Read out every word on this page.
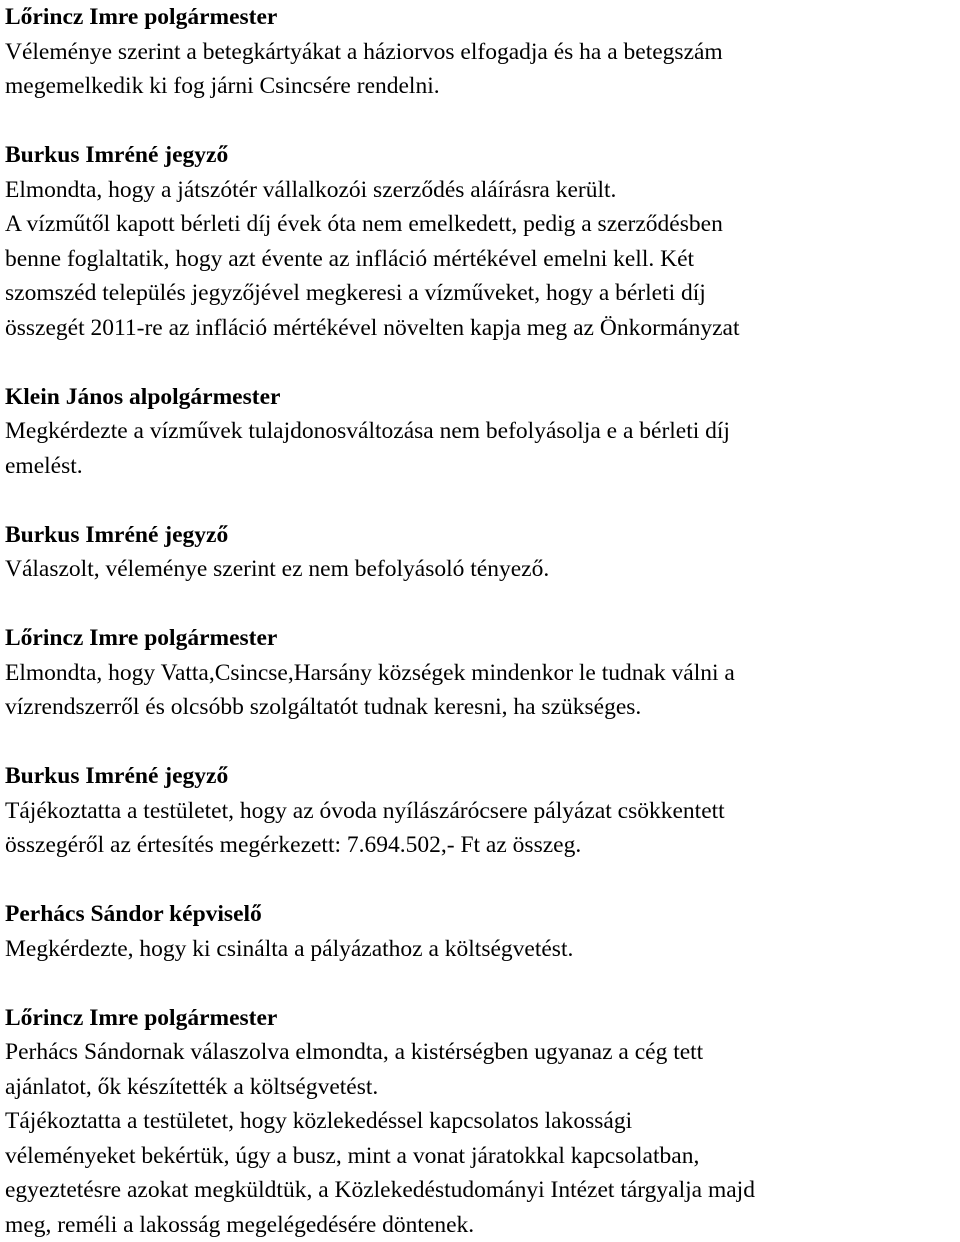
Lőrincz Imre polgármester
Véleménye szerint a betegkártyákat a háziorvos elfogadja és ha a betegszám
megemelkedik ki fog járni Csincsére rendelni.
Burkus Imréné jegyző
Elmondta, hogy a játszótér vállalkozói szerződés aláírásra került.
A vízműtől kapott bérleti díj évek óta nem emelkedett, pedig a szerződésben
benne foglaltatik, hogy azt évente az infláció mértékével emelni kell. Két
szomszéd település jegyzőjével megkeresi a vízműveket, hogy a bérleti díj
összegét 2011-re az infláció mértékével növelten kapja meg az Önkormányzat
Klein János alpolgármester
Megkérdezte a vízművek tulajdonosváltozása nem befolyásolja e a bérleti díj
emelést.
Burkus Imréné jegyző
Válaszolt, véleménye szerint ez nem befolyásoló tényező.
Lőrincz Imre polgármester
Elmondta, hogy Vatta,Csincse,Harsány községek mindenkor le tudnak válni a
vízrendszerről és olcsóbb szolgáltatót tudnak keresni, ha szükséges.
Burkus Imréné jegyző
Tájékoztatta a testületet, hogy az óvoda nyílászárócsere pályázat csökkentett
összegéről az értesítés megérkezett: 7.694.502,- Ft az összeg.
Perhács Sándor képviselő
Megkérdezte, hogy ki csinálta a pályázathoz a költségvetést.
Lőrincz Imre polgármester
Perhács Sándornak válaszolva elmondta, a kistérségben ugyanaz a cég tett
ajánlatot, ők készítették a költségvetést.
Tájékoztatta a testületet, hogy közlekedéssel kapcsolatos lakossági
véleményeket bekértük, úgy a busz, mint a vonat járatokkal kapcsolatban,
egyeztetésre azokat megküldtük, a Közlekedéstudományi Intézet tárgyalja majd
meg, reméli a lakosság megelégedésére döntenek.
